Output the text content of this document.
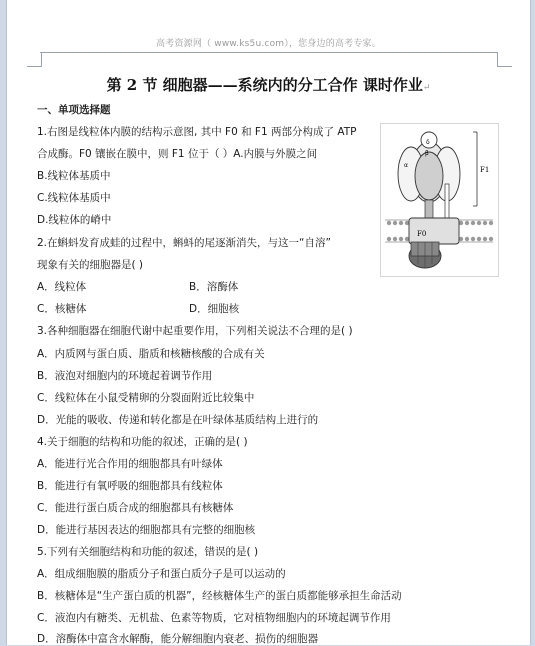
高考资源网（ www.ks5u.com），您身边的高考专家。
第 2 节 细胞器——系统内的分工合作 课时作业↵
一、单项选择题
1.右图是线粒体内膜的结构示意图, 其中 F0 和 F1 两部分构成了 ATP
合成酶。F0 镶嵌在膜中，则 F1 位于（ ）A.内膜与外膜之间
B.线粒体基质中
C.线粒体基质中
D.线粒体的嵴中
2.在蝌蚪发育成蛙的过程中，蝌蚪的尾逐渐消失，与这一“自溶”
现象有关的细胞器是( )
A．线粒体	B．溶酶体
C．核糖体	D．细胞核
3.各种细胞器在细胞代谢中起重要作用，下列相关说法不合理的是( )
A．内质网与蛋白质、脂质和核糖核酸的合成有关
B．液泡对细胞内的环境起着调节作用
C．线粒体在小鼠受精卵的分裂面附近比较集中
D．光能的吸收、传递和转化都是在叶绿体基质结构上进行的
4.关于细胞的结构和功能的叙述，正确的是( )
A．能进行光合作用的细胞都具有叶绿体
B．能进行有氧呼吸的细胞都具有线粒体
C．能进行蛋白质合成的细胞都具有核糖体
D．能进行基因表达的细胞都具有完整的细胞核
5.下列有关细胞结构和功能的叙述，错误的是( )
A．组成细胞膜的脂质分子和蛋白质分子是可以运动的
B．核糖体是“生产蛋白质的机器”，经核糖体生产的蛋白质都能够承担生命活动
C．液泡内有糖类、无机盐、色素等物质，它对植物细胞内的环境起调节作用
D．溶酶体中富含水解酶，能分解细胞内衰老、损伤的细胞器
F1
β
α
δ
F0
